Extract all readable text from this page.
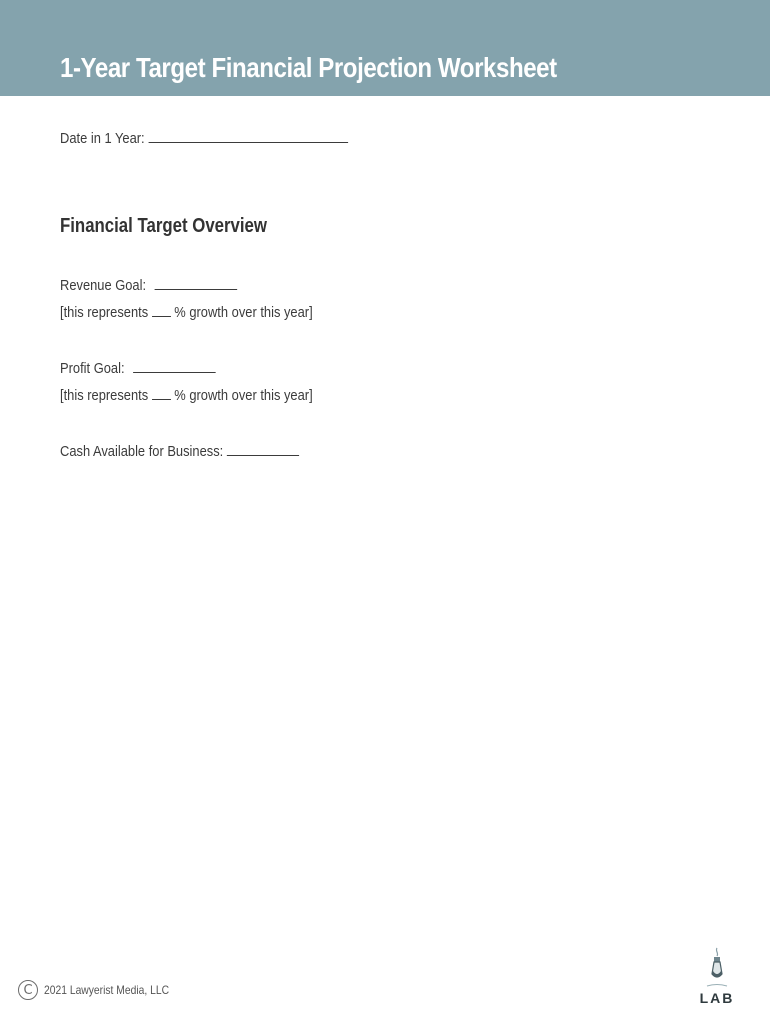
1-Year Target Financial Projection Worksheet
Date in 1 Year:
Financial Target Overview
Revenue Goal:
[this represents % growth over this year]
Profit Goal:
[this represents % growth over this year]
Cash Available for Business:
C 2021 Lawyerist Media, LLC	LAB
